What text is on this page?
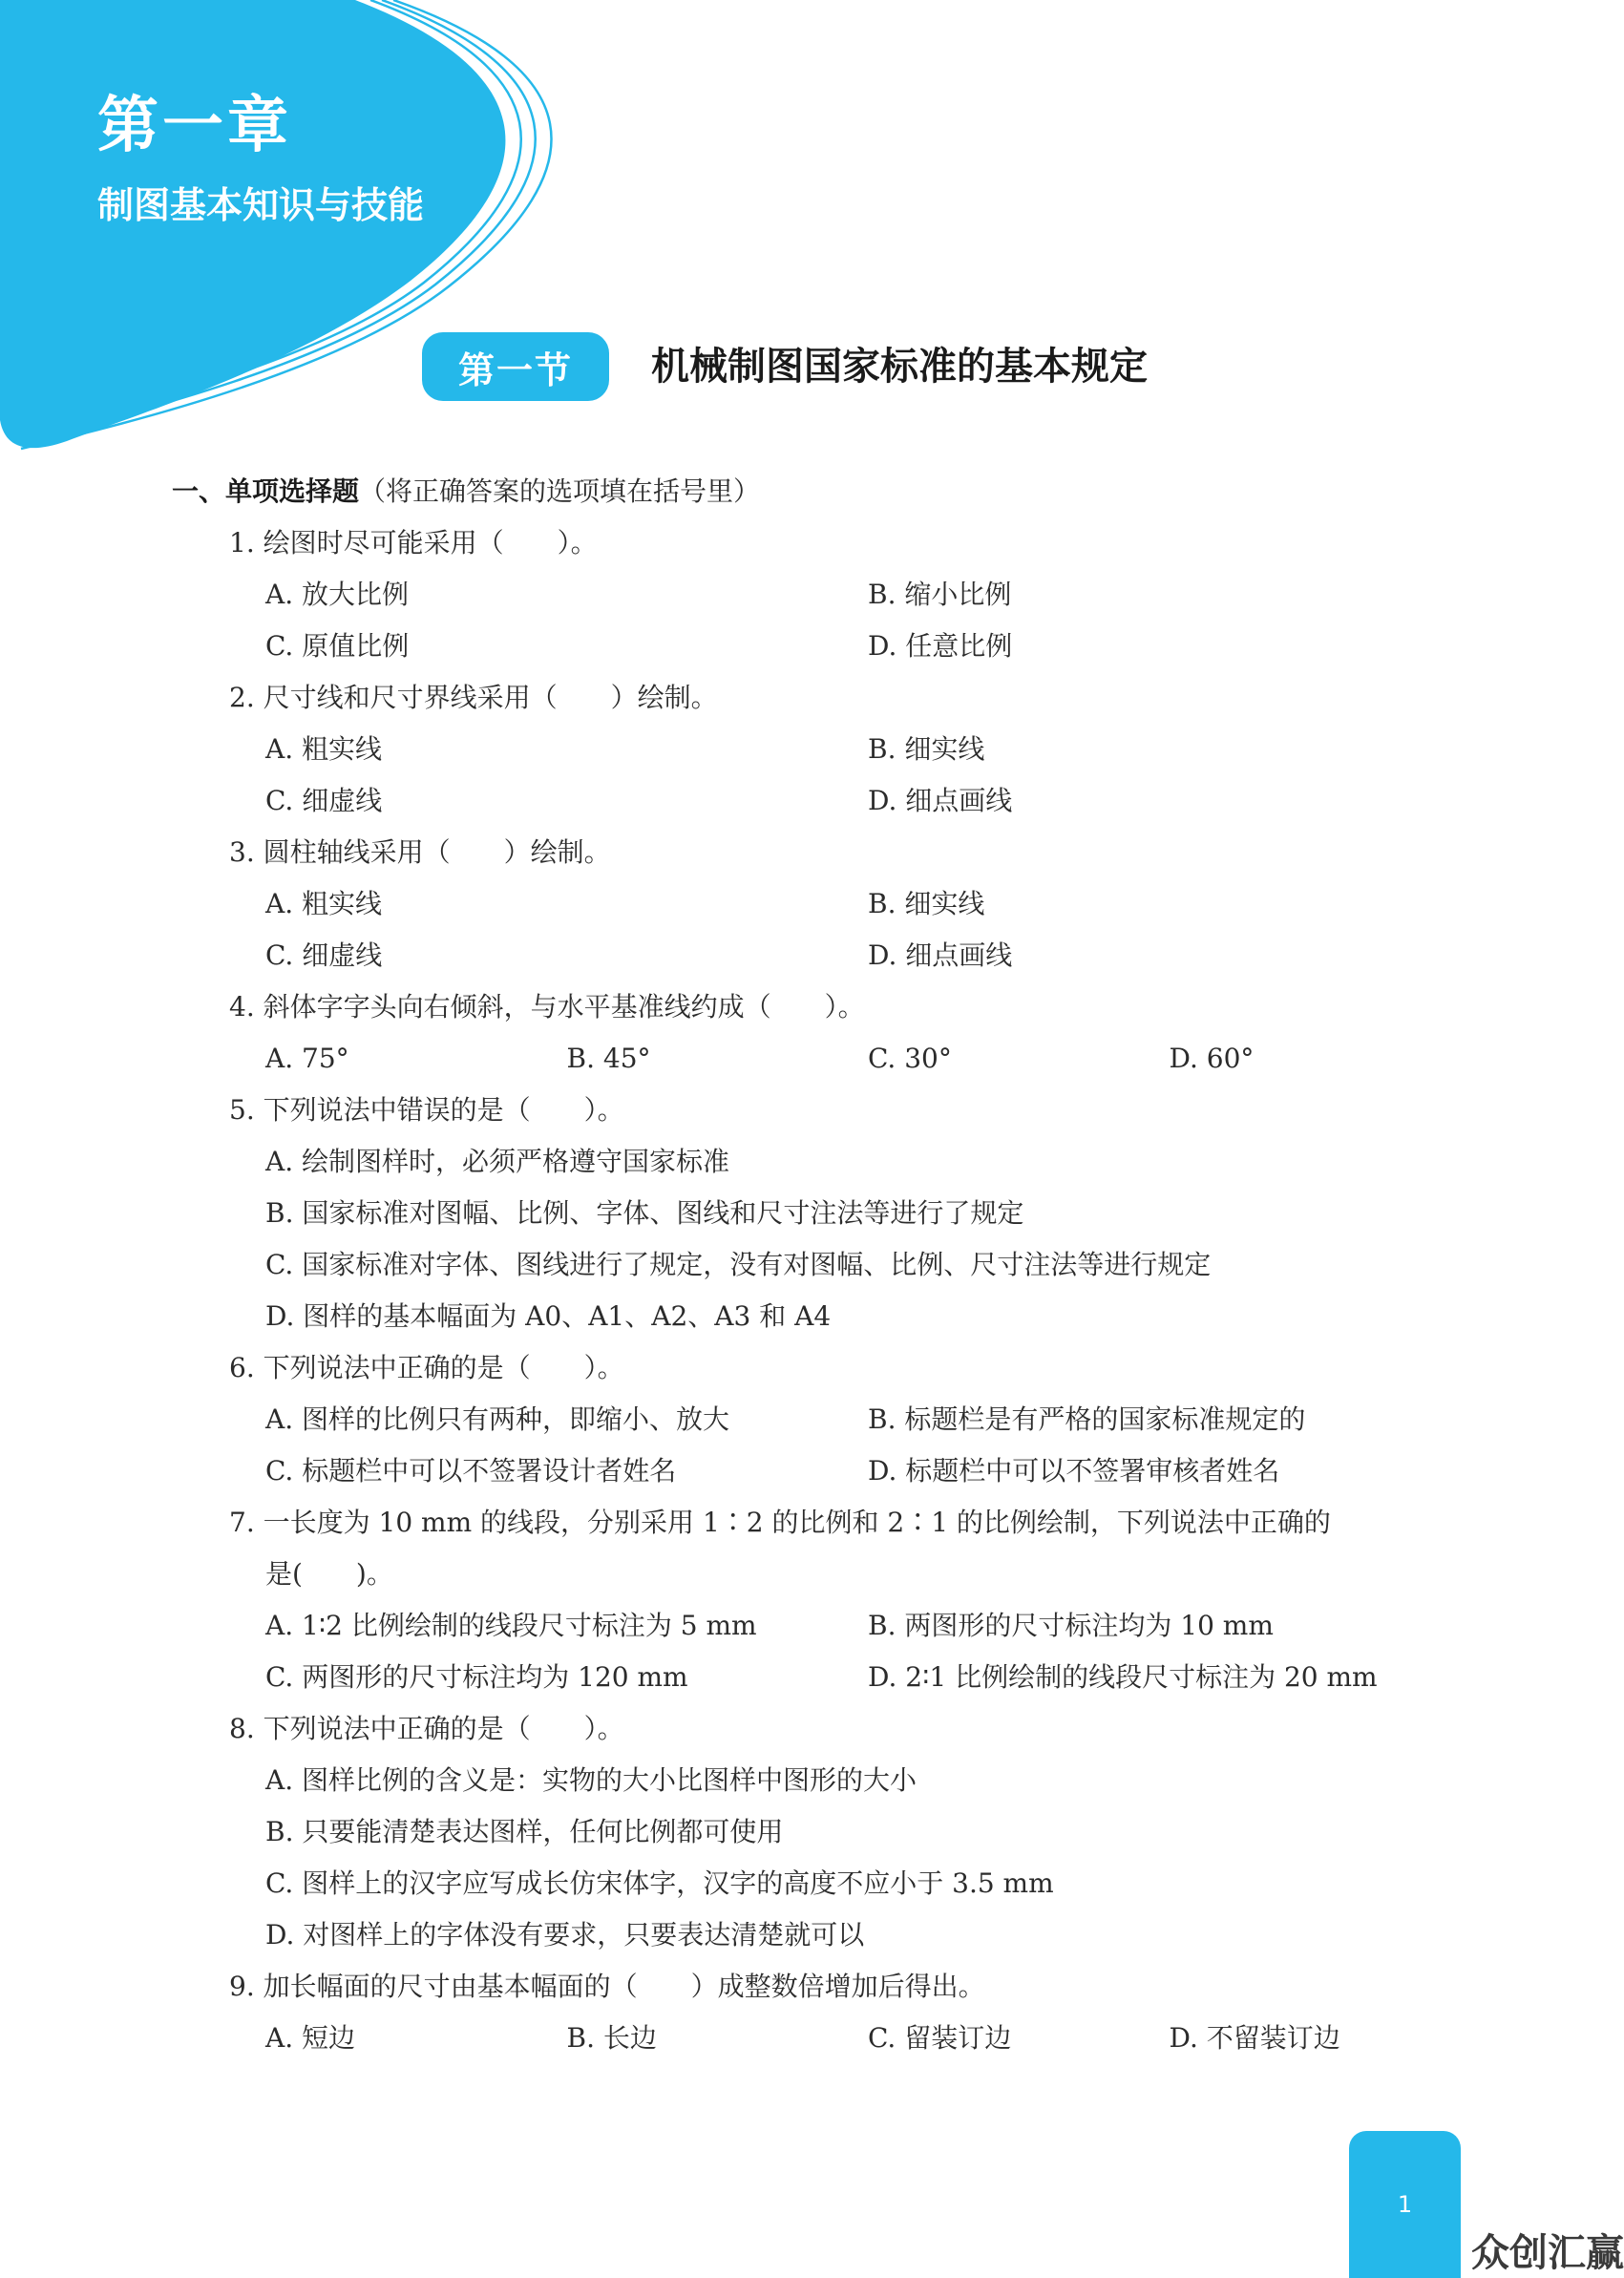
第一章
制图基本知识与技能
第一节	机械制图国家标准的基本规定
一、单项选择题（将正确答案的选项填在括号里）
1. 绘图时尽可能采用（　　）。
A. 放大比例	B. 缩小比例
C. 原值比例	D. 任意比例
2. 尺寸线和尺寸界线采用（　　）绘制。
A. 粗实线	B. 细实线
C. 细虚线	D. 细点画线
3. 圆柱轴线采用（　　）绘制。
A. 粗实线	B. 细实线
C. 细虚线	D. 细点画线
4. 斜体字字头向右倾斜，与水平基准线约成（　　）。
A. 75°	B. 45°	C. 30°	D. 60°
5. 下列说法中错误的是（　　）。
A. 绘制图样时，必须严格遵守国家标准
B. 国家标准对图幅、比例、字体、图线和尺寸注法等进行了规定
C. 国家标准对字体、图线进行了规定，没有对图幅、比例、尺寸注法等进行规定
D. 图样的基本幅面为 A0、A1、A2、A3 和 A4
6. 下列说法中正确的是（　　）。
A. 图样的比例只有两种，即缩小、放大	B. 标题栏是有严格的国家标准规定的
C. 标题栏中可以不签署设计者姓名	D. 标题栏中可以不签署审核者姓名
7. 一长度为 10 mm 的线段，分别采用 1∶2 的比例和 2∶1 的比例绘制，下列说法中正确的
是(　　)。
A. 1∶2 比例绘制的线段尺寸标注为 5 mm	B. 两图形的尺寸标注均为 10 mm
C. 两图形的尺寸标注均为 120 mm	D. 2∶1 比例绘制的线段尺寸标注为 20 mm
8. 下列说法中正确的是（　　）。
A. 图样比例的含义是：实物的大小比图样中图形的大小
B. 只要能清楚表达图样，任何比例都可使用
C. 图样上的汉字应写成长仿宋体字，汉字的高度不应小于 3.5 mm
D. 对图样上的字体没有要求，只要表达清楚就可以
9. 加长幅面的尺寸由基本幅面的（　　）成整数倍增加后得出。
A. 短边	B. 长边	C. 留装订边	D. 不留装订边
1
众创汇赢
